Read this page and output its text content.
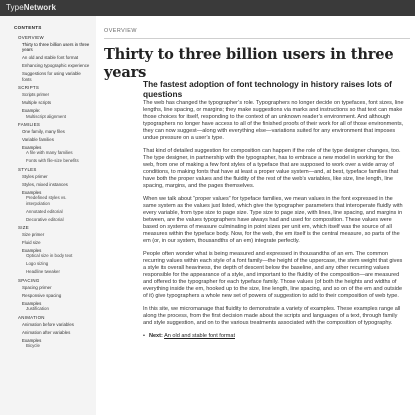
TypeNetwork
CONTENTS
OVERVIEW
Thirty to three billion users in three years
An old and stable font format
Enhancing typographic experience
Suggestions for using variable fonts
SCRIPTS
Scripts primer
Multiple scripts
Example:
Multiscript alignment
FAMILIES
One family, many files
Variable families
Examples
A file with many families
Fonts with file-size benefits
STYLES
Styles primer
Styles, mixed instances
Examples
Predefined styles vs. interpolation
Annotated editorial
Decorative editorial
SIZE
Size primer
Fluid size
Examples
Optical size in body text
Logo sizing
Headline tweaker
SPACING
Spacing primer
Responsive spacing
Examples
Justification
ANIMATION
Animation before variables
Animation after variables
Examples
Bicycle
OVERVIEW
Thirty to three billion users in three years
The fastest adoption of font technology in history raises lots of questions

The web has changed the typographer’s role. Typographers no longer decide on typefaces, font sizes, line lengths, line spacing, or margins; they make suggestions via marks and instructions so that text can make those choices for itself, responding to the context of an unknown reader’s environment. And although typographers no longer have access to all of the finished proofs of their work for all of those environments, they can now suggest—along with everything else—variations suited for any environment that imposes undue pressure on a user’s type.

That kind of detailed suggestion for composition can happen if the role of the type designer changes, too. The type designer, in partnership with the typographer, has to embrace a new model in working for the web, from one of making a few font styles of a typeface that are supposed to work over a wide array of conditions, to making fonts that have at least a proper value system—and, at best, typeface families that have both the proper values and the fluidity of the rest of the web’s variables, like size, line length, line spacing, margins, and the pages themselves.

When we talk about “proper values” for typeface families, we mean values in the font expressed in the same system as the values just listed, which give the typographer parameters that interoperate fluidly with every variable, from type size to page size. Type size to page size, with lines, line spacing, and margins in between, are the values typographers have always had and used for composition. These values were based on systems of measure culminating in point sizes per unit em, which itself was the source of all measures within the typeface body. Now, for the web, the em itself is the central measure, so parts of the em (or, in our system, thousandths of an em) integrate perfectly.

People often wonder what is being measured and expressed in thousandths of an em. The common recurring values within each style of a font family—the height of the uppercase, the stem weight that gives a style its overall heaviness, the depth of descent below the baseline, and any other recurring values responsible for the appearance of a style, and important to the fluidity of the composition—are measured and offered to the typographer for each typeface family. Those values (of both the heights and widths of everything inside the em, hooked up to the size, line length, line spacing, and so on of the em and outside of it) give typographers a whole new set of powers of suggestion to add to their composition of web type.

In this site, we micromanage that fluidity to demonstrate a variety of examples. These examples range all along the process, from the first decision made about the scripts and languages of a text, through family and style suggestion, and on to the various treatments associated with the composition of typography.

• Next: An old and stable font format
